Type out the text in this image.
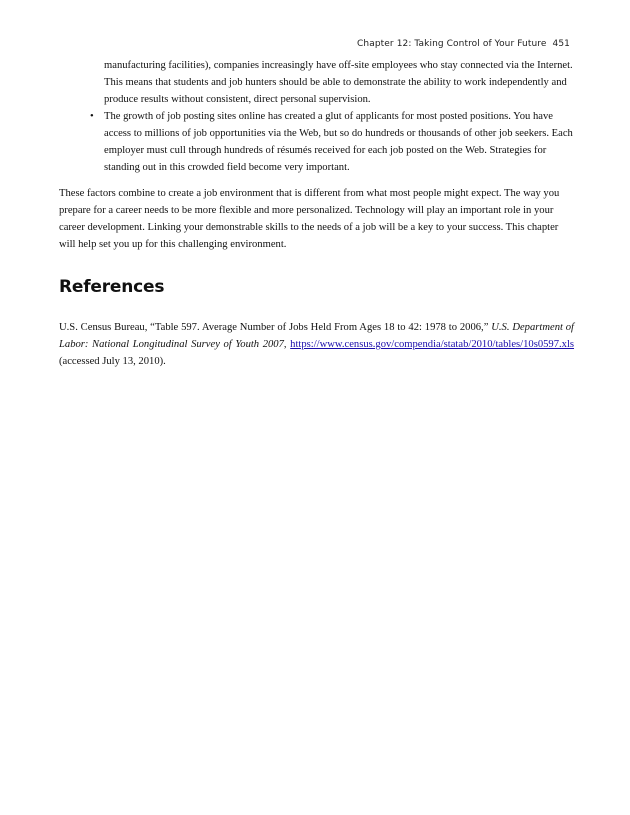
Chapter 12: Taking Control of Your Future 451

manufacturing facilities), companies increasingly have off-site employees who stay connected via the Internet. This means that students and job hunters should be able to demonstrate the ability to work independently and produce results without consistent, direct personal supervision.

• The growth of job posting sites online has created a glut of applicants for most posted positions. You have access to millions of job opportunities via the Web, but so do hundreds or thousands of other job seekers. Each employer must cull through hundreds of résumés received for each job posted on the Web. Strategies for standing out in this crowded field become very important.

These factors combine to create a job environment that is different from what most people might expect. The way you prepare for a career needs to be more flexible and more personalized. Technology will play an important role in your career development. Linking your demonstrable skills to the needs of a job will be a key to your success. This chapter will help set you up for this challenging environment.

References

U.S. Census Bureau, “Table 597. Average Number of Jobs Held From Ages 18 to 42: 1978 to 2006,” U.S. Department of Labor: National Longitudinal Survey of Youth 2007, https://www.census.gov/compendia/statab/2010/tables/10s0597.xls (accessed July 13, 2010).
